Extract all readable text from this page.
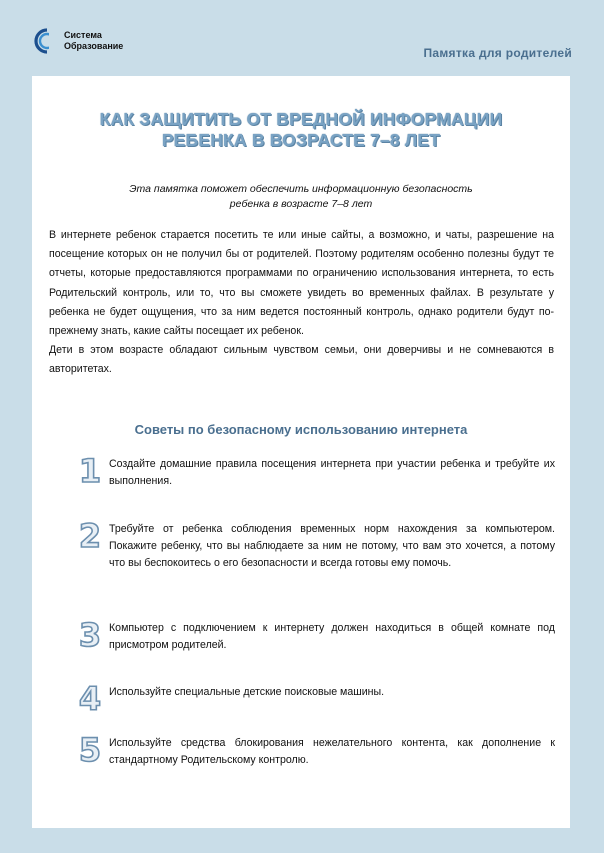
Система
Образование	Памятка для родителей
КАК ЗАЩИТИТЬ ОТ ВРЕДНОЙ ИНФОРМАЦИИ
РЕБЕНКА В ВОЗРАСТЕ 7–8 ЛЕТ
Эта памятка поможет обеспечить информационную безопасность
ребенка в возрасте 7–8 лет

В интернете ребенок старается посетить те или иные сайты, а возможно, и чаты, разрешение на посещение которых он не получил бы от родителей. Поэтому родителям особенно полезны будут те отчеты, которые предоставляются программами по ограничению использования интернета, то есть Родительский контроль, или то, что вы сможете увидеть во временных файлах. В результате у ребенка не будет ощущения, что за ним ведется постоянный контроль, однако родители будут по-прежнему знать, какие сайты посещает их ребенок.

Дети в этом возрасте обладают сильным чувством семьи, они доверчивы и не сомневаются в авторитетах.

Советы по безопасному использованию интернета
1 Создайте домашние правила посещения интернета при участии ребенка и требуйте их выполнения.
2 Требуйте от ребенка соблюдения временных норм нахождения за компьютером. Покажите ребенку, что вы наблюдаете за ним не потому, что вам это хочется, а потому что вы беспокоитесь о его безопасности и всегда готовы ему помочь.
3 Компьютер с подключением к интернету должен находиться в общей комнате под присмотром родителей.
4 Используйте специальные детские поисковые машины.
5 Используйте средства блокирования нежелательного контента, как дополнение к стандартному Родительскому контролю.
